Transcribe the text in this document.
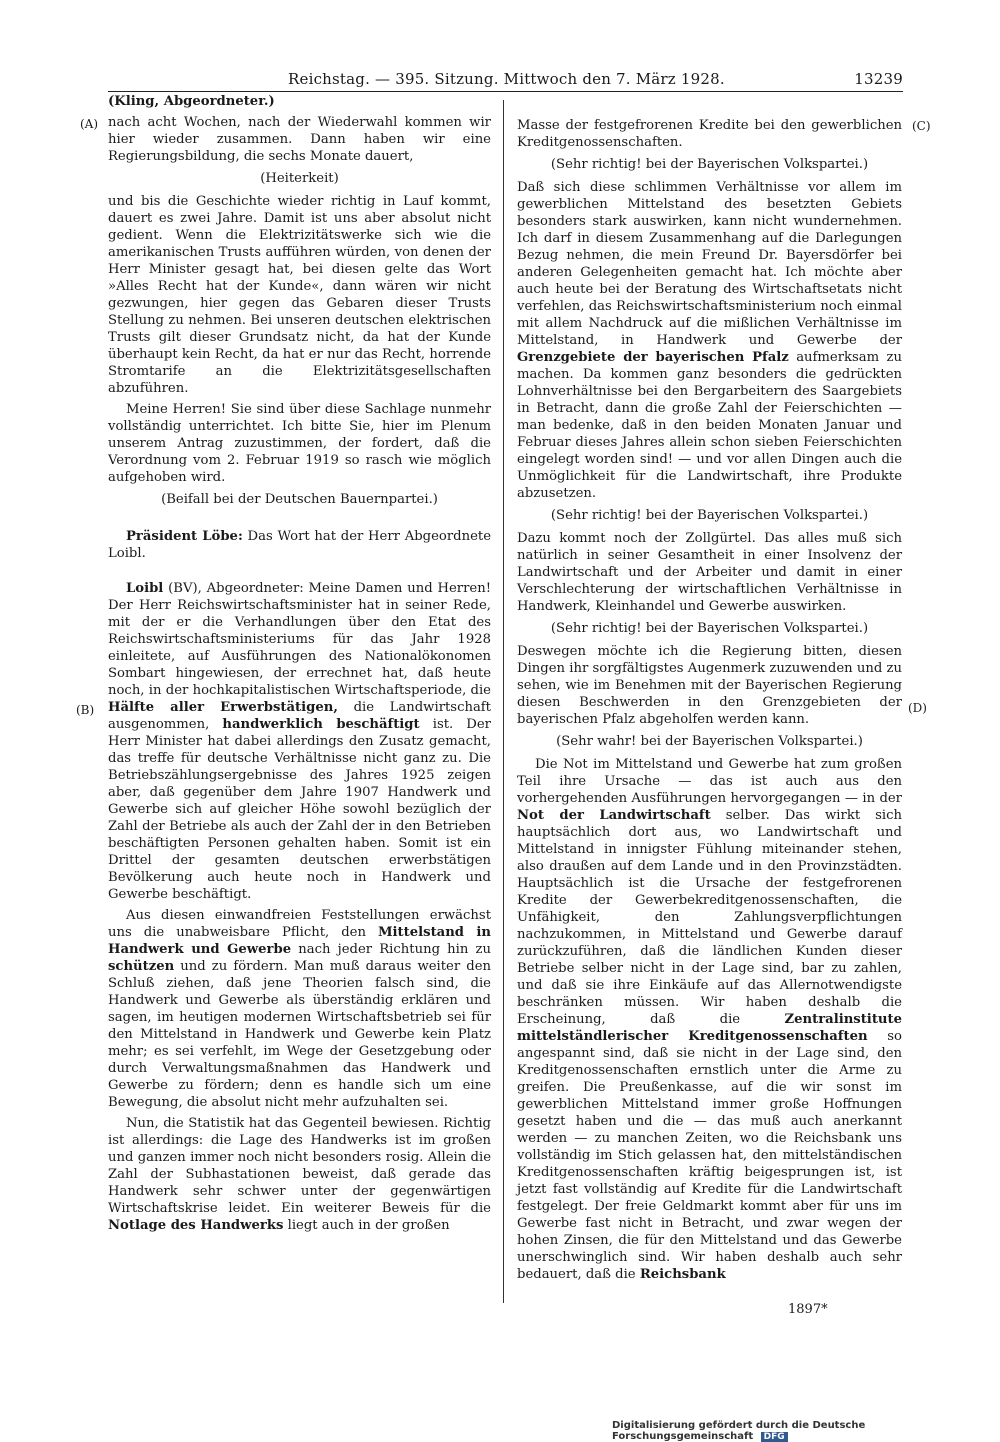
Reichstag. — 395. Sitzung. Mittwoch den 7. März 1928.	13239
(A)
(B)
(C)
(D)

(Kling, Abgeordneter.)

nach acht Wochen, nach der Wiederwahl kommen wir hier wieder zusammen. Dann haben wir eine Regierungsbildung, die sechs Monate dauert,

(Heiterkeit)

und bis die Geschichte wieder richtig in Lauf kommt, dauert es zwei Jahre. Damit ist uns aber absolut nicht gedient. Wenn die Elektrizitätswerke sich wie die amerikanischen Trusts aufführen würden, von denen der Herr Minister gesagt hat, bei diesen gelte das Wort »Alles Recht hat der Kunde«, dann wären wir nicht gezwungen, hier gegen das Gebaren dieser Trusts Stellung zu nehmen. Bei unseren deutschen elektrischen Trusts gilt dieser Grundsatz nicht, da hat der Kunde überhaupt kein Recht, da hat er nur das Recht, horrende Stromtarife an die Elektrizitätsgesellschaften abzuführen.

Meine Herren! Sie sind über diese Sachlage nunmehr vollständig unterrichtet. Ich bitte Sie, hier im Plenum unserem Antrag zuzustimmen, der fordert, daß die Verordnung vom 2. Februar 1919 so rasch wie möglich aufgehoben wird.

(Beifall bei der Deutschen Bauernpartei.)

Präsident Löbe: Das Wort hat der Herr Abgeordnete Loibl.

Loibl (BV), Abgeordneter: Meine Damen und Herren! Der Herr Reichswirtschaftsminister hat in seiner Rede, mit der er die Verhandlungen über den Etat des Reichswirtschaftsministeriums für das Jahr 1928 einleitete, auf Ausführungen des Nationalökonomen Sombart hingewiesen, der errechnet hat, daß heute noch, in der hochkapitalistischen Wirtschaftsperiode, die Hälfte aller Erwerbstätigen, die Landwirtschaft ausgenommen, handwerklich beschäftigt ist. Der Herr Minister hat dabei allerdings den Zusatz gemacht, das treffe für deutsche Verhältnisse nicht ganz zu. Die Betriebszählungsergebnisse des Jahres 1925 zeigen aber, daß gegenüber dem Jahre 1907 Handwerk und Gewerbe sich auf gleicher Höhe sowohl bezüglich der Zahl der Betriebe als auch der Zahl der in den Betrieben beschäftigten Personen gehalten haben. Somit ist ein Drittel der gesamten deutschen erwerbstätigen Bevölkerung auch heute noch in Handwerk und Gewerbe beschäftigt.

Aus diesen einwandfreien Feststellungen erwächst uns die unabweisbare Pflicht, den Mittelstand in Handwerk und Gewerbe nach jeder Richtung hin zu schützen und zu fördern. Man muß daraus weiter den Schluß ziehen, daß jene Theorien falsch sind, die Handwerk und Gewerbe als überständig erklären und sagen, im heutigen modernen Wirtschaftsbetrieb sei für den Mittelstand in Handwerk und Gewerbe kein Platz mehr; es sei verfehlt, im Wege der Gesetzgebung oder durch Verwaltungsmaßnahmen das Handwerk und Gewerbe zu fördern; denn es handle sich um eine Bewegung, die absolut nicht mehr aufzuhalten sei.

Nun, die Statistik hat das Gegenteil bewiesen. Richtig ist allerdings: die Lage des Handwerks ist im großen und ganzen immer noch nicht besonders rosig. Allein die Zahl der Subhastationen beweist, daß gerade das Handwerk sehr schwer unter der gegenwärtigen Wirtschaftskrise leidet. Ein weiterer Beweis für die Notlage des Handwerks liegt auch in der großen

Masse der festgefrorenen Kredite bei den gewerblichen Kreditgenossenschaften.

(Sehr richtig! bei der Bayerischen Volkspartei.)

Daß sich diese schlimmen Verhältnisse vor allem im gewerblichen Mittelstand des besetzten Gebiets besonders stark auswirken, kann nicht wundernehmen. Ich darf in diesem Zusammenhang auf die Darlegungen Bezug nehmen, die mein Freund Dr. Bayersdörfer bei anderen Gelegenheiten gemacht hat. Ich möchte aber auch heute bei der Beratung des Wirtschaftsetats nicht verfehlen, das Reichswirtschaftsministerium noch einmal mit allem Nachdruck auf die mißlichen Verhältnisse im Mittelstand, in Handwerk und Gewerbe der Grenzgebiete der bayerischen Pfalz aufmerksam zu machen. Da kommen ganz besonders die gedrückten Lohnverhältnisse bei den Bergarbeitern des Saargebiets in Betracht, dann die große Zahl der Feierschichten — man bedenke, daß in den beiden Monaten Januar und Februar dieses Jahres allein schon sieben Feierschichten eingelegt worden sind! — und vor allen Dingen auch die Unmöglichkeit für die Landwirtschaft, ihre Produkte abzusetzen.

(Sehr richtig! bei der Bayerischen Volkspartei.)

Dazu kommt noch der Zollgürtel. Das alles muß sich natürlich in seiner Gesamtheit in einer Insolvenz der Landwirtschaft und der Arbeiter und damit in einer Verschlechterung der wirtschaftlichen Verhältnisse in Handwerk, Kleinhandel und Gewerbe auswirken.

(Sehr richtig! bei der Bayerischen Volkspartei.)

Deswegen möchte ich die Regierung bitten, diesen Dingen ihr sorgfältigstes Augenmerk zuzuwenden und zu sehen, wie im Benehmen mit der Bayerischen Regierung diesen Beschwerden in den Grenzgebieten der bayerischen Pfalz abgeholfen werden kann.

(Sehr wahr! bei der Bayerischen Volkspartei.)

Die Not im Mittelstand und Gewerbe hat zum großen Teil ihre Ursache — das ist auch aus den vorhergehenden Ausführungen hervorgegangen — in der Not der Landwirtschaft selber. Das wirkt sich hauptsächlich dort aus, wo Landwirtschaft und Mittelstand in innigster Fühlung miteinander stehen, also draußen auf dem Lande und in den Provinzstädten. Hauptsächlich ist die Ursache der festgefrorenen Kredite der Gewerbekreditgenossenschaften, die Unfähigkeit, den Zahlungsverpflichtungen nachzukommen, in Mittelstand und Gewerbe darauf zurückzuführen, daß die ländlichen Kunden dieser Betriebe selber nicht in der Lage sind, bar zu zahlen, und daß sie ihre Einkäufe auf das Allernotwendigste beschränken müssen. Wir haben deshalb die Erscheinung, daß die	Zentralinstitute mittelständlerischer Kreditgenossenschaften so angespannt sind, daß sie nicht in der Lage sind, den Kreditgenossenschaften ernstlich unter die Arme zu greifen. Die Preußenkasse, auf die wir sonst im gewerblichen Mittelstand immer große Hoffnungen gesetzt haben und die — das muß auch anerkannt werden — zu manchen Zeiten, wo die Reichsbank uns vollständig im Stich gelassen hat, den mittelständischen Kreditgenossenschaften kräftig beigesprungen ist, ist jetzt fast vollständig auf Kredite für die Landwirtschaft festgelegt. Der freie Geldmarkt kommt aber für uns im Gewerbe fast nicht in Betracht, und zwar wegen der hohen Zinsen, die für den Mittelstand und das Gewerbe unerschwinglich sind. Wir haben deshalb auch sehr bedauert, daß die Reichsbank

1897*
Digitalisierung gefördert durch die Deutsche Forschungsgemeinschaft DFG
